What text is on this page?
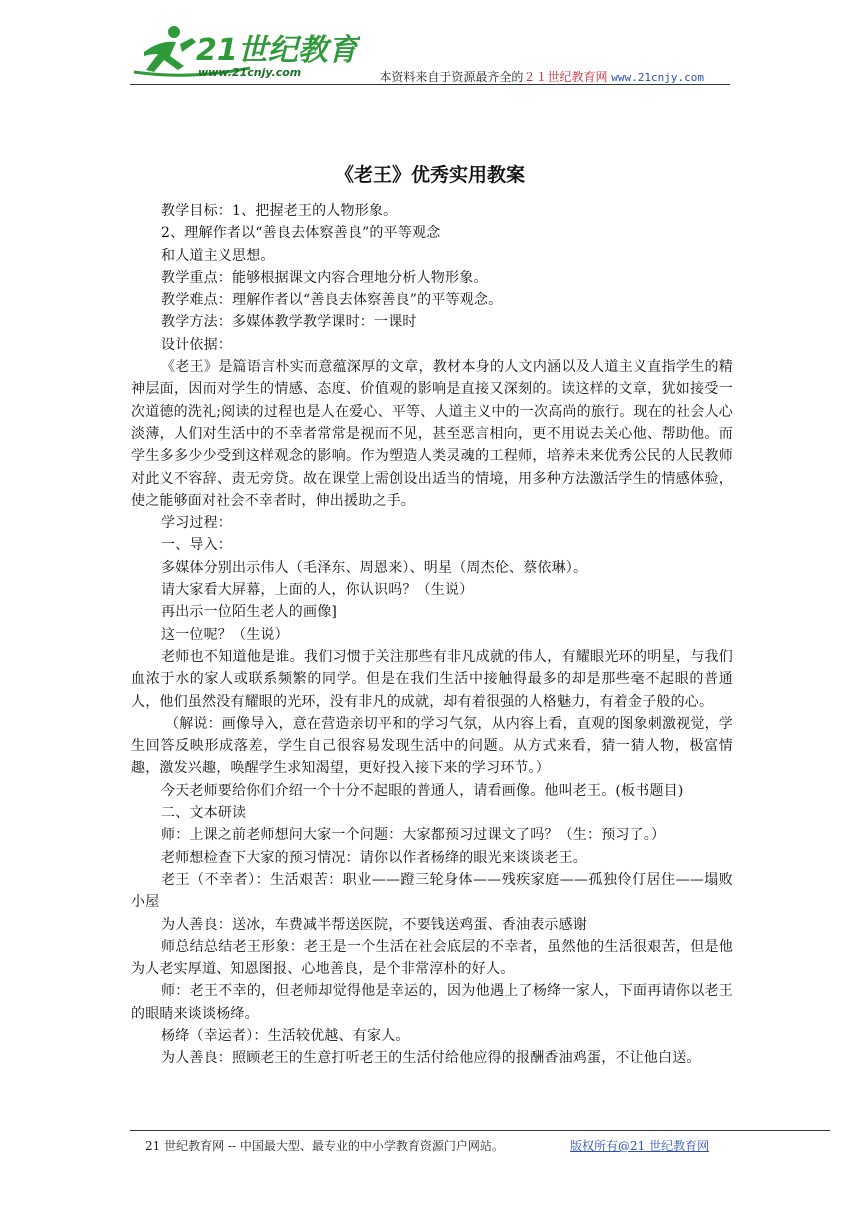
21世纪教育
www.21cnjy.com	本资料来自于资源最齐全的２１世纪教育网 www.21cnjy.com
《老王》优秀实用教案

教学目标：1、把握老王的人物形象。

2、理解作者以“善良去体察善良”的平等观念

和人道主义思想。

教学重点：能够根据课文内容合理地分析人物形象。

教学难点：理解作者以“善良去体察善良”的平等观念。

教学方法：多媒体教学教学课时：一课时

设计依据：

《老王》是篇语言朴实而意蕴深厚的文章，教材本身的人文内涵以及人道主义直指学生的精神层面，因而对学生的情感、态度、价值观的影响是直接又深刻的。读这样的文章，犹如接受一次道德的洗礼;阅读的过程也是人在爱心、平等、人道主义中的一次高尚的旅行。现在的社会人心淡薄，人们对生活中的不幸者常常是视而不见，甚至恶言相向，更不用说去关心他、帮助他。而学生多多少少受到这样观念的影响。作为塑造人类灵魂的工程师，培养未来优秀公民的人民教师对此义不容辞、责无旁贷。故在课堂上需创设出适当的情境，用多种方法激活学生的情感体验，使之能够面对社会不幸者时，伸出援助之手。

学习过程：

一、导入：

多媒体分别出示伟人（毛泽东、周恩来）、明星（周杰伦、蔡依琳）。

请大家看大屏幕，上面的人，你认识吗？（生说）

再出示一位陌生老人的画像]

这一位呢？（生说）

老师也不知道他是谁。我们习惯于关注那些有非凡成就的伟人，有耀眼光环的明星，与我们血浓于水的家人或联系频繁的同学。但是在我们生活中接触得最多的却是那些毫不起眼的普通人，他们虽然没有耀眼的光环，没有非凡的成就，却有着很强的人格魅力，有着金子般的心。

（解说：画像导入，意在营造亲切平和的学习气氛，从内容上看，直观的图象刺激视觉，学生回答反映形成落差，学生自己很容易发现生活中的问题。从方式来看，猜一猜人物，极富情趣，激发兴趣，唤醒学生求知渴望，更好投入接下来的学习环节。）

今天老师要给你们介绍一个十分不起眼的普通人，请看画像。他叫老王。(板书题目)

二、文本研读

师：上课之前老师想问大家一个问题：大家都预习过课文了吗？（生：预习了。）

老师想检查下大家的预习情况：请你以作者杨绛的眼光来谈谈老王。

老王（不幸者）：生活艰苦：职业——蹬三轮身体——残疾家庭——孤独伶仃居住——塌败小屋

为人善良：送冰，车费减半帮送医院，不要钱送鸡蛋、香油表示感谢

师总结总结老王形象：老王是一个生活在社会底层的不幸者，虽然他的生活很艰苦，但是他为人老实厚道、知恩图报、心地善良，是个非常淳朴的好人。

师：老王不幸的，但老师却觉得他是幸运的，因为他遇上了杨绛一家人，下面再请你以老王的眼睛来谈谈杨绛。

杨绛（幸运者）：生活较优越、有家人。

为人善良：照顾老王的生意打听老王的生活付给他应得的报酬香油鸡蛋，不让他白送。

21 世纪教育网 -- 中国最大型、最专业的中小学教育资源门户网站。	版权所有@21 世纪教育网
